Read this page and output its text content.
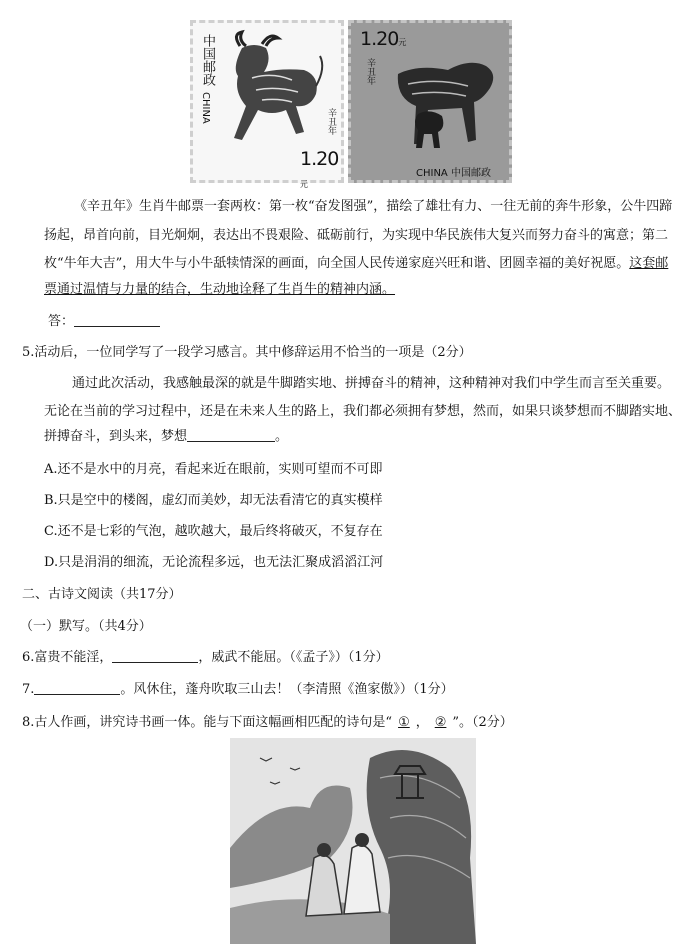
中国邮政
CHINA	辛丑年
1.20元
1.20元
辛丑年
CHINA 中国邮政
《辛丑年》生肖牛邮票一套两枚：第一枚“奋发图强”，描绘了雄壮有力、一往无前的奔牛形象，公牛四蹄
扬起，昂首向前，目光炯炯，表达出不畏艰险、砥砺前行，为实现中华民族伟大复兴而努力奋斗的寓意；第二
枚“牛年大吉”，用大牛与小牛舐犊情深的画面，向全国人民传递家庭兴旺和谐、团圆幸福的美好祝愿。这套邮
票通过温情与力量的结合，生动地诠释了生肖牛的精神内涵。
答：
5.活动后，一位同学写了一段学习感言。其中修辞运用不恰当的一项是（2分）
通过此次活动，我感触最深的就是牛脚踏实地、拼搏奋斗的精神，这种精神对我们中学生而言至关重要。
无论在当前的学习过程中，还是在未来人生的路上，我们都必须拥有梦想，然而，如果只谈梦想而不脚踏实地、
拼搏奋斗，到头来，梦想	。
A.还不是水中的月亮，看起来近在眼前，实则可望而不可即
B.只是空中的楼阁，虚幻而美妙，却无法看清它的真实模样
C.还不是七彩的气泡，越吹越大，最后终将破灭，不复存在
D.只是涓涓的细流，无论流程多远，也无法汇聚成滔滔江河
二、古诗文阅读（共17分）
（一）默写。（共4分）
6.富贵不能淫，	，威武不能屈。（《孟子》）（1分）
7.	。风休住，蓬舟吹取三山去！（李清照《渔家傲》）（1分）
8.古人作画，讲究诗书画一体。能与下面这幅画相匹配的诗句是“ ① ， ② ”。（2分）
